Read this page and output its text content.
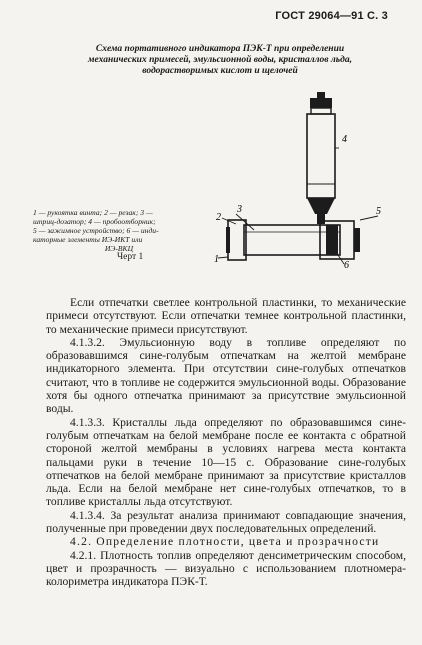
ГОСТ 29064—91 С. 3
Схема портативного индикатора ПЭК-Т при определении
механических примесей, эмульсионной воды, кристаллов льда,
водорастворимых кислот и щелочей
4
5
6
2
3
1
1 — рукоятка винта; 2 — резак; 3 —
шприц-дозатор; 4 — пробоотборник;
5 — зажимное устройство; 6 — инди-
каторные элементы ИЭ-ИКТ или
ИЭ-ВКЦ
Черт 1

Если отпечатки светлее контрольной пластинки, то механические примеси отсутствуют. Если отпечатки темнее контрольной пластинки, то механические примеси присутствуют.

4.1.3.2. Эмульсионную воду в топливе определяют по образовавшимся сине-голубым отпечаткам на желтой мембране индикаторного элемента. При отсутствии сине-голубых отпечатков считают, что в топливе не содержится эмульсионной воды. Образование хотя бы одного отпечатка принимают за присутствие эмульсионной воды.

4.1.3.3. Кристаллы льда определяют по образовавшимся сине-голубым отпечаткам на белой мембране после ее контакта с обратной стороной желтой мембраны в условиях нагрева места контакта пальцами руки в течение 10—15 с. Образование сине-голубых отпечатков на белой мембране принимают за присутствие кристаллов льда. Если на белой мембране нет сине-голубых отпечатков, то в топливе кристаллы льда отсутствуют.

4.1.3.4. За результат анализа принимают совпадающие значения, полученные при проведении двух последовательных определений.

4.2. Определение плотности, цвета и прозрачности

4.2.1. Плотность топлив определяют денсиметрическим способом, цвет и прозрачность — визуально с использованием плотномера-колориметра индикатора ПЭК-Т.
